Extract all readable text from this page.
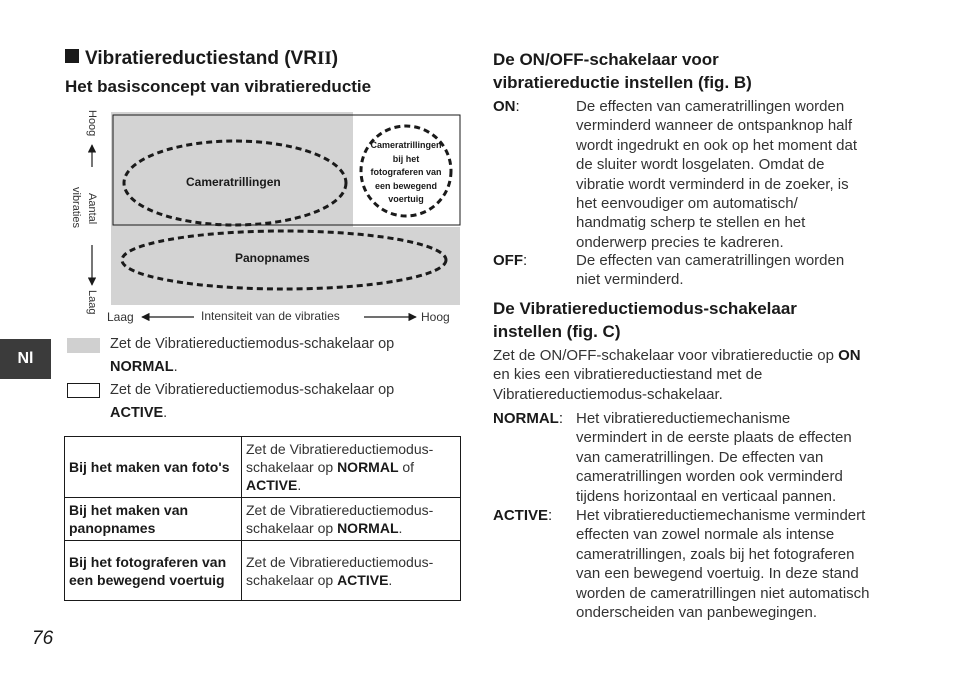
Vibratiereductiestand (VRII)
Het basisconcept van vibratiereductie
Hoog
Aantal
vibraties
Laag
Laag	Intensiteit van de vibraties	Hoog
Cameratrillingen
Panopnames
Cameratrillingen
bij het
fotograferen van
een bewegend
voertuig
Zet de Vibratiereductiemodus-schakelaar op
NORMAL.
Zet de Vibratiereductiemodus-schakelaar op
ACTIVE.
Bij het maken van foto's	Zet de Vibratiereductiemodus-schakelaar op NORMAL of ACTIVE.
Bij het maken van panopnames	Zet de Vibratiereductiemodus-schakelaar op NORMAL.
Bij het fotograferen van een bewegend voertuig	Zet de Vibratiereductiemodus-schakelaar op ACTIVE.
Nl
76
De ON/OFF-schakelaar voor
vibratiereductie instellen (fig. B)
ON:	De effecten van cameratrillingen worden
verminderd wanneer de ontspanknop half
wordt ingedrukt en ook op het moment dat
de sluiter wordt losgelaten. Omdat de
vibratie wordt verminderd in de zoeker, is
het eenvoudiger om automatisch/
handmatig scherp te stellen en het
onderwerp precies te kadreren.
OFF:	De effecten van cameratrillingen worden
niet verminderd.
De Vibratiereductiemodus-schakelaar
instellen (fig. C)
Zet de ON/OFF-schakelaar voor vibratiereductie op ON
en kies een vibratiereductiestand met de
Vibratiereductiemodus-schakelaar.
NORMAL: Het vibratiereductiemechanisme
vermindert in de eerste plaats de effecten
van cameratrillingen. De effecten van
cameratrillingen worden ook verminderd
tijdens horizontaal en verticaal pannen.
ACTIVE: Het vibratiereductiemechanisme vermindert
effecten van zowel normale als intense
cameratrillingen, zoals bij het fotograferen
van een bewegend voertuig. In deze stand
worden de cameratrillingen niet automatisch
onderscheiden van panbewegingen.
